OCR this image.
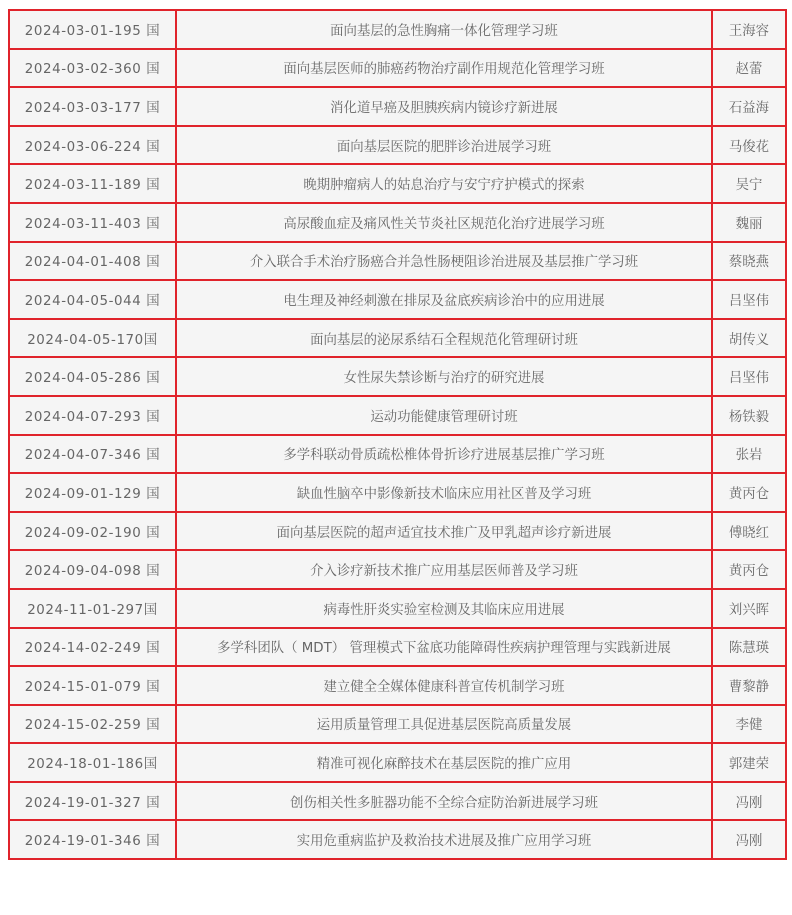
2024-03-01-195 国	面向基层的急性胸痛一体化管理学习班	王海容
2024-03-02-360 国	面向基层医师的肺癌药物治疗副作用规范化管理学习班	赵蕾
2024-03-03-177 国	消化道早癌及胆胰疾病内镜诊疗新进展	石益海
2024-03-06-224 国	面向基层医院的肥胖诊治进展学习班	马俊花
2024-03-11-189 国	晚期肿瘤病人的姑息治疗与安宁疗护模式的探索	吴宁
2024-03-11-403 国	高尿酸血症及痛风性关节炎社区规范化治疗进展学习班	魏丽
2024-04-01-408 国	介入联合手术治疗肠癌合并急性肠梗阻诊治进展及基层推广学习班	蔡晓燕
2024-04-05-044 国	电生理及神经刺激在排尿及盆底疾病诊治中的应用进展	吕坚伟
2024-04-05-170国	面向基层的泌尿系结石全程规范化管理研讨班	胡传义
2024-04-05-286 国	女性尿失禁诊断与治疗的研究进展	吕坚伟
2024-04-07-293 国	运动功能健康管理研讨班	杨铁毅
2024-04-07-346 国	多学科联动骨质疏松椎体骨折诊疗进展基层推广学习班	张岩
2024-09-01-129 国	缺血性脑卒中影像新技术临床应用社区普及学习班	黄丙仓
2024-09-02-190 国	面向基层医院的超声适宜技术推广及甲乳超声诊疗新进展	傅晓红
2024-09-04-098 国	介入诊疗新技术推广应用基层医师普及学习班	黄丙仓
2024-11-01-297国	病毒性肝炎实验室检测及其临床应用进展	刘兴晖
2024-14-02-249 国	多学科团队（ MDT） 管理模式下盆底功能障碍性疾病护理管理与实践新进展	陈慧瑛
2024-15-01-079 国	建立健全全媒体健康科普宣传机制学习班	曹黎静
2024-15-02-259 国	运用质量管理工具促进基层医院高质量发展	李健
2024-18-01-186国	精准可视化麻醉技术在基层医院的推广应用	郭建荣
2024-19-01-327 国	创伤相关性多脏器功能不全综合症防治新进展学习班	冯刚
2024-19-01-346 国	实用危重病监护及救治技术进展及推广应用学习班	冯刚
